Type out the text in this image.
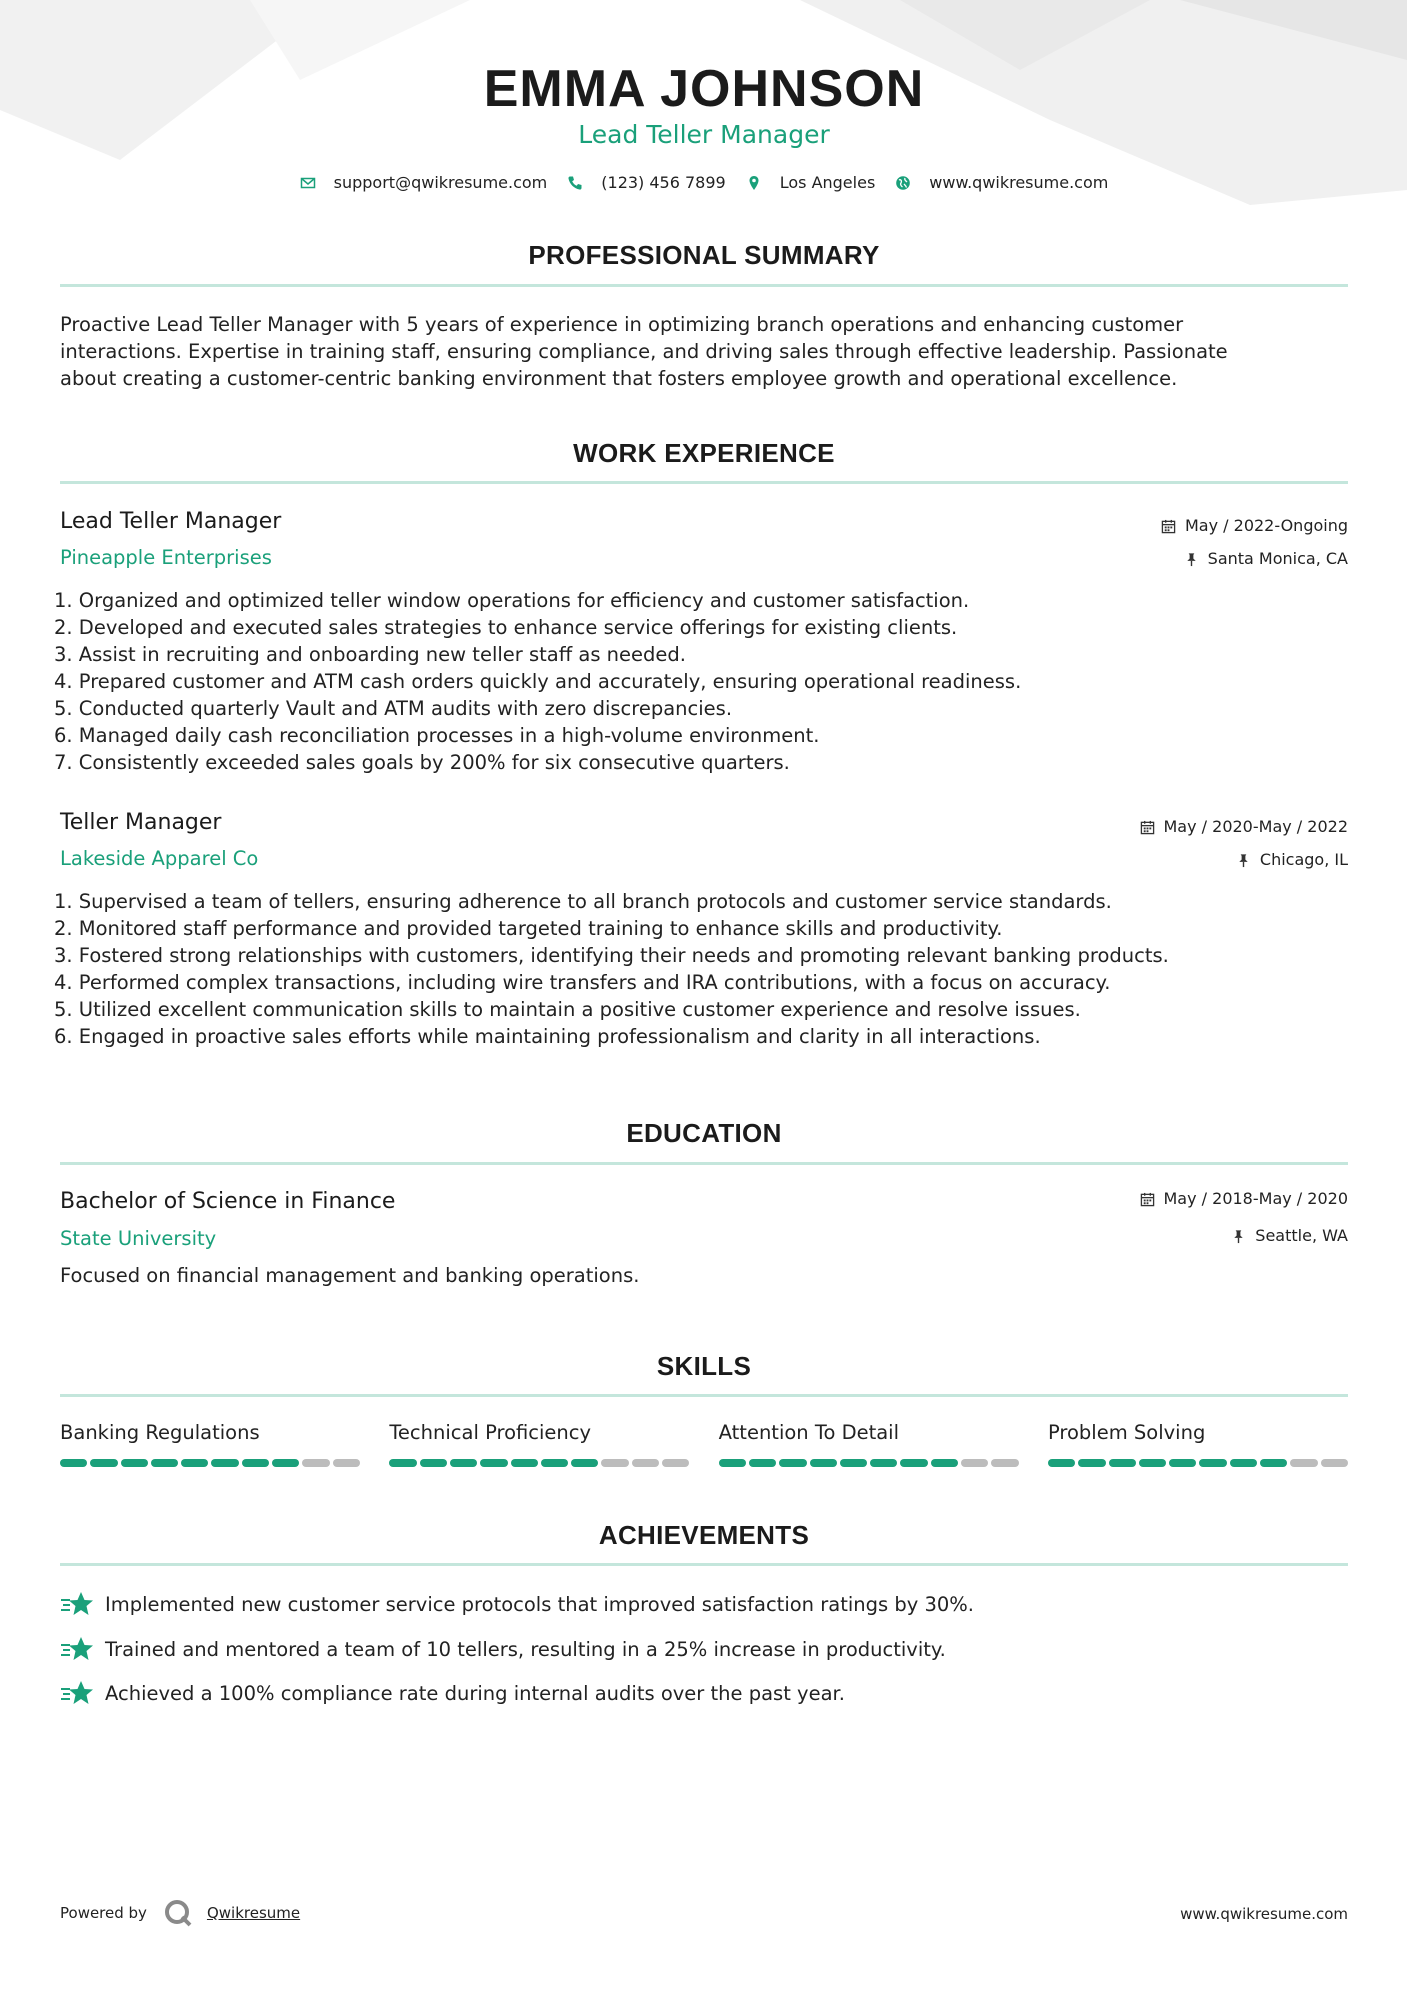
EMMA JOHNSON
Lead Teller Manager
support@qwikresume.com	(123) 456 7899	Los Angeles	www.qwikresume.com
PROFESSIONAL SUMMARY
Proactive Lead Teller Manager with 5 years of experience in optimizing branch operations and enhancing customer
interactions. Expertise in training staff, ensuring compliance, and driving sales through effective leadership. Passionate
about creating a customer-centric banking environment that fosters employee growth and operational excellence.
WORK EXPERIENCE
Lead Teller Manager	May / 2022-Ongoing
Pineapple Enterprises	Santa Monica, CA
1. Organized and optimized teller window operations for efficiency and customer satisfaction.
2. Developed and executed sales strategies to enhance service offerings for existing clients.
3. Assist in recruiting and onboarding new teller staff as needed.
4. Prepared customer and ATM cash orders quickly and accurately, ensuring operational readiness.
5. Conducted quarterly Vault and ATM audits with zero discrepancies.
6. Managed daily cash reconciliation processes in a high-volume environment.
7. Consistently exceeded sales goals by 200% for six consecutive quarters.
Teller Manager	May / 2020-May / 2022
Lakeside Apparel Co	Chicago, IL
1. Supervised a team of tellers, ensuring adherence to all branch protocols and customer service standards.
2. Monitored staff performance and provided targeted training to enhance skills and productivity.
3. Fostered strong relationships with customers, identifying their needs and promoting relevant banking products.
4. Performed complex transactions, including wire transfers and IRA contributions, with a focus on accuracy.
5. Utilized excellent communication skills to maintain a positive customer experience and resolve issues.
6. Engaged in proactive sales efforts while maintaining professionalism and clarity in all interactions.
EDUCATION
Bachelor of Science in Finance	May / 2018-May / 2020
State University	Seattle, WA
Focused on financial management and banking operations.
SKILLS
Banking Regulations	Technical Proficiency	Attention To Detail	Problem Solving
ACHIEVEMENTS
Implemented new customer service protocols that improved satisfaction ratings by 30%.
Trained and mentored a team of 10 tellers, resulting in a 25% increase in productivity.
Achieved a 100% compliance rate during internal audits over the past year.
Powered by	Qwikresume	www.qwikresume.com
